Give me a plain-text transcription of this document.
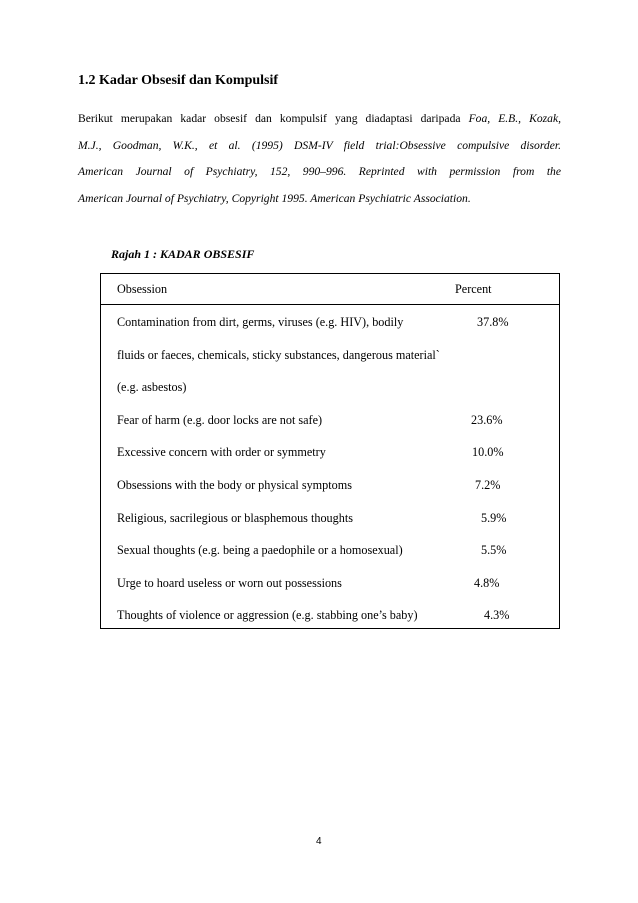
1.2 Kadar Obsesif dan Kompulsif

Berikut merupakan kadar obsesif dan kompulsif yang diadaptasi daripada Foa, E.B., Kozak,
M.J., Goodman, W.K., et al. (1995) DSM-IV field trial:Obsessive compulsive disorder.
American Journal of Psychiatry, 152, 990–996. Reprinted with permission from the
American Journal of Psychiatry, Copyright 1995. American Psychiatric Association.

Rajah 1 : KADAR OBSESIF
Obsession	Percent
Contamination from dirt, germs, viruses (e.g. HIV), bodily	37.8%
fluids or faeces, chemicals, sticky substances, dangerous material`
(e.g. asbestos)
Fear of harm (e.g. door locks are not safe)	23.6%
Excessive concern with order or symmetry	10.0%
Obsessions with the body or physical symptoms	7.2%
Religious, sacrilegious or blasphemous thoughts	5.9%
Sexual thoughts (e.g. being a paedophile or a homosexual)	5.5%
Urge to hoard useless or worn out possessions	4.8%
Thoughts of violence or aggression (e.g. stabbing one’s baby)	4.3%
4
